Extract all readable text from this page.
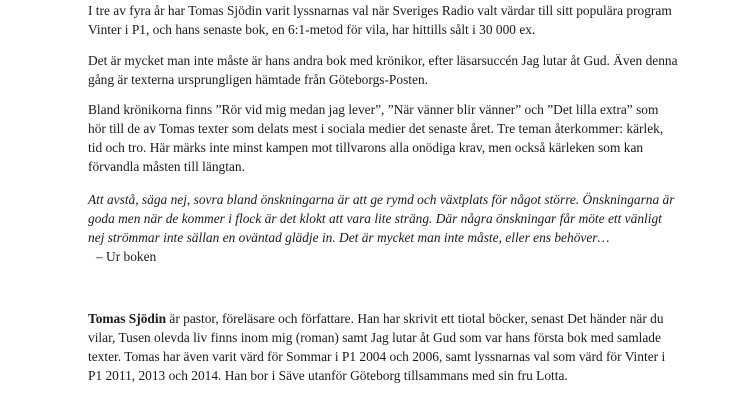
I tre av fyra år har Tomas Sjödin varit lyssnarnas val när Sveriges Radio valt värdar till sitt populära program Vinter i P1, och hans senaste bok, en 6:1-metod för vila, har hittills sålt i 30 000 ex.

Det är mycket man inte måste är hans andra bok med krönikor, efter läsarsuccén Jag lutar åt Gud. Även denna gång är texterna ursprungligen hämtade från Göteborgs-Posten.

Bland krönikorna finns ”Rör vid mig medan jag lever”, ”När vänner blir vänner” och ”Det lilla extra” som hör till de av Tomas texter som delats mest i sociala medier det senaste året. Tre teman återkommer: kärlek, tid och tro. Här märks inte minst kampen mot tillvarons alla onödiga krav, men också kärleken som kan förvandla måsten till längtan.

Att avstå, säga nej, sovra bland önskningarna är att ge rymd och växtplats för något större. Önskningarna är goda men när de kommer i flock är det klokt att vara lite sträng. Där några önskningar får möte ett vänligt nej strömmar inte sällan en oväntad glädje in. Det är mycket man inte måste, eller ens behöver…
– Ur boken

Tomas Sjödin är pastor, föreläsare och författare. Han har skrivit ett tiotal böcker, senast Det händer när du vilar, Tusen olevda liv finns inom mig (roman) samt Jag lutar åt Gud som var hans första bok med samlade texter. Tomas har även varit värd för Sommar i P1 2004 och 2006, samt lyssnarnas val som värd för Vinter i P1 2011, 2013 och 2014. Han bor i Säve utanför Göteborg tillsammans med sin fru Lotta.
